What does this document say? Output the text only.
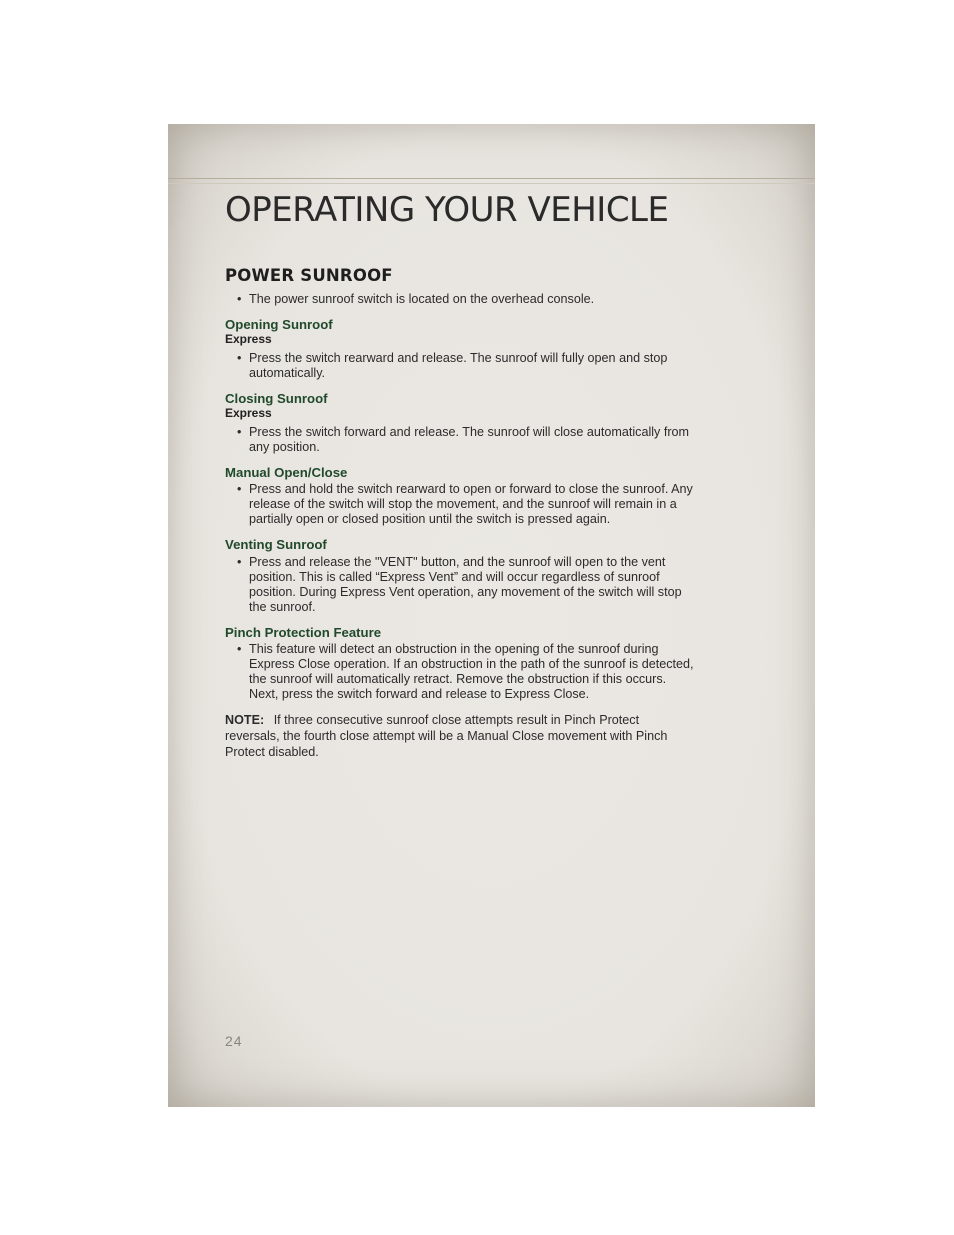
OPERATING YOUR VEHICLE
POWER SUNROOF
• The power sunroof switch is located on the overhead console.
Opening Sunroof

Express

• Press the switch rearward and release. The sunroof will fully open and stop automatically.
Closing Sunroof

Express

• Press the switch forward and release. The sunroof will close automatically from any position.
Manual Open/Close
• Press and hold the switch rearward to open or forward to close the sunroof. Any release of the switch will stop the movement, and the sunroof will remain in a partially open or closed position until the switch is pressed again.
Venting Sunroof
• Press and release the "VENT" button, and the sunroof will open to the vent position. This is called “Express Vent” and will occur regardless of sunroof position. During Express Vent operation, any movement of the switch will stop the sunroof.
Pinch Protection Feature
• This feature will detect an obstruction in the opening of the sunroof during Express Close operation. If an obstruction in the path of the sunroof is detected, the sunroof will automatically retract. Remove the obstruction if this occurs. Next, press the switch forward and release to Express Close.

NOTE: If three consecutive sunroof close attempts result in Pinch Protect reversals, the fourth close attempt will be a Manual Close movement with Pinch Protect disabled.

24
